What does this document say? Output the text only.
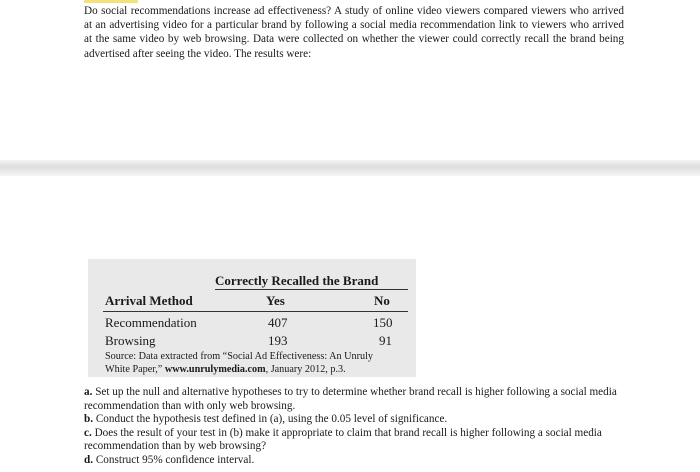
Do social recommendations increase ad effectiveness? A study of online video viewers compared viewers who arrived at an advertising video for a particular brand by following a social media recommendation link to viewers who arrived at the same video by web browsing. Data were collected on whether the viewer could correctly recall the brand being advertised after seeing the video. The results were:
Correctly Recalled the Brand
Arrival Method	Yes	No
Recommendation	407	150
Browsing	193	91
Source: Data extracted from “Social Ad Effectiveness: An Unruly
White Paper,” www.unrulymedia.com, January 2012, p.3.
a. Set up the null and alternative hypotheses to try to determine whether brand recall is higher following a social media recommendation than with only web browsing.
b. Conduct the hypothesis test defined in (a), using the 0.05 level of significance.
c. Does the result of your test in (b) make it appropriate to claim that brand recall is higher following a social media recommendation than by web browsing?
d. Construct 95% confidence interval.
